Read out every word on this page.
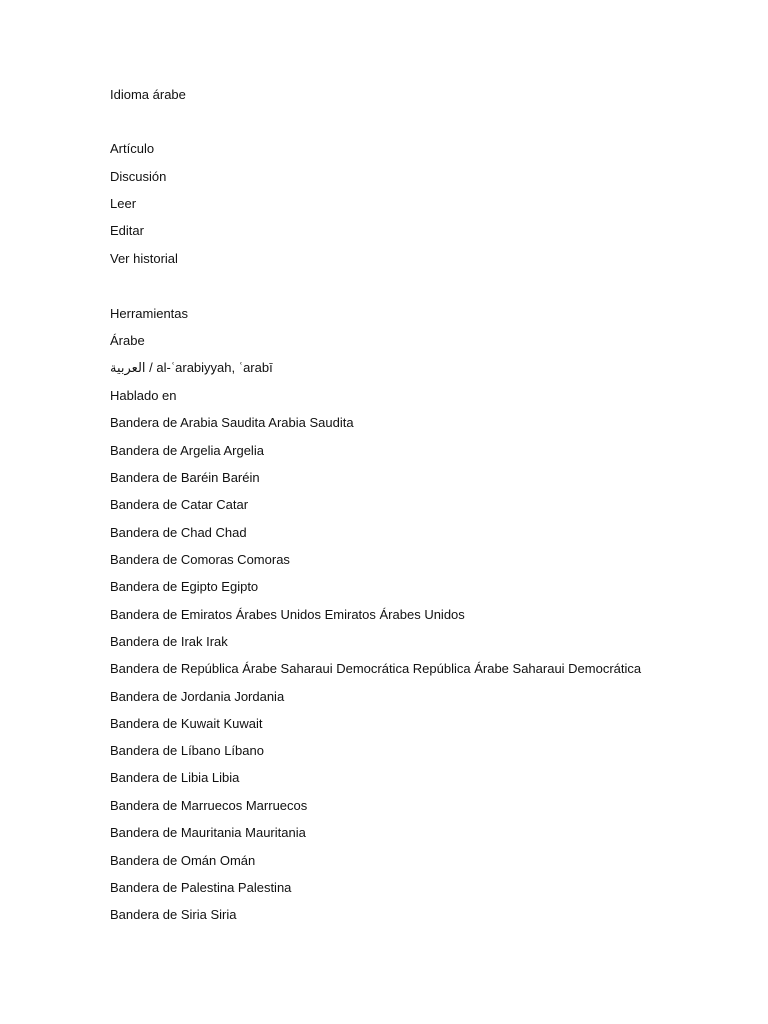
Idioma árabe
Artículo
Discusión
Leer
Editar
Ver historial
Herramientas
Árabe
العربية / al-ʿarabiyyah, ʿarabī
Hablado en
Bandera de Arabia Saudita Arabia Saudita
Bandera de Argelia Argelia
Bandera de Baréin Baréin
Bandera de Catar Catar
Bandera de Chad Chad
Bandera de Comoras Comoras
Bandera de Egipto Egipto
Bandera de Emiratos Árabes Unidos Emiratos Árabes Unidos
Bandera de Irak Irak
Bandera de República Árabe Saharaui Democrática República Árabe Saharaui Democrática
Bandera de Jordania Jordania
Bandera de Kuwait Kuwait
Bandera de Líbano Líbano
Bandera de Libia Libia
Bandera de Marruecos Marruecos
Bandera de Mauritania Mauritania
Bandera de Omán Omán
Bandera de Palestina Palestina
Bandera de Siria Siria
